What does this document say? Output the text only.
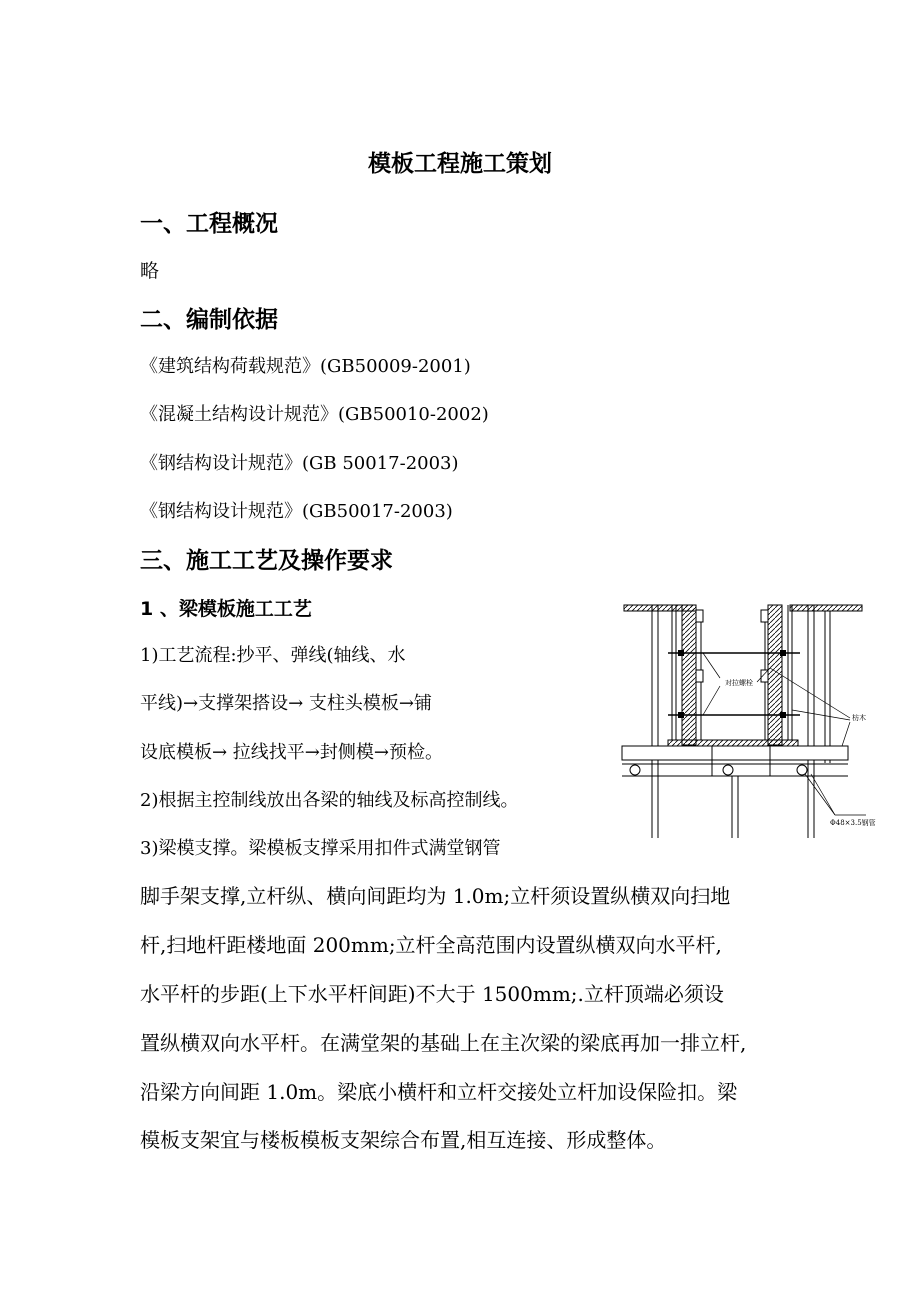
模板工程施工策划
一、工程概况

略

二、编制依据

《建筑结构荷载规范》(GB50009-2001)

《混凝土结构设计规范》(GB50010-2002)

《钢结构设计规范》(GB 50017-2003)

《钢结构设计规范》(GB50017-2003)

三、施工工艺及操作要求
1 、梁模板施工工艺

1)工艺流程:抄平、弹线(轴线、水

平线)→支撑架搭设→ 支柱头模板→铺

设底模板→ 拉线找平→封侧模→预检。

2)根据主控制线放出各梁的轴线及标高控制线。

3)梁模支撑。梁模板支撑采用扣件式满堂钢管

脚手架支撑,立杆纵、横向间距均为 1.0m;立杆须设置纵横双向扫地

杆,扫地杆距楼地面 200mm;立杆全高范围内设置纵横双向水平杆,

水平杆的步距(上下水平杆间距)不大于 1500mm;.立杆顶端必须设

置纵横双向水平杆。在满堂架的基础上在主次梁的梁底再加一排立杆,

沿梁方向间距 1.0m。梁底小横杆和立杆交接处立杆加设保险扣。梁

模板支架宜与楼板模板支架综合布置,相互连接、形成整体。

对拉螺栓
枋木
Φ48×3.5钢管
